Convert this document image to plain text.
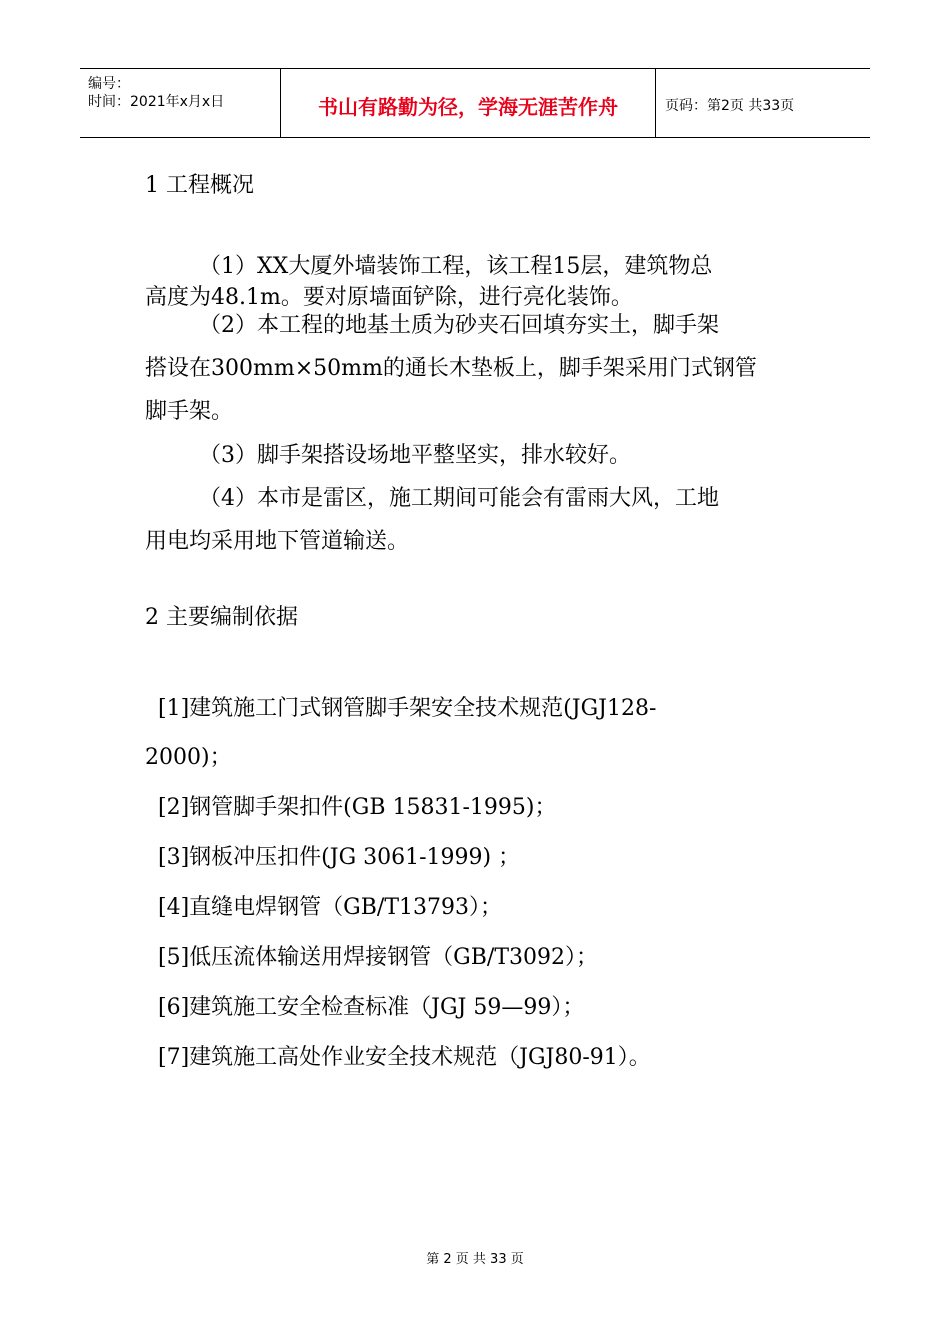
编号：
时间：2021年x月x日	书山有路勤为径，学海无涯苦作舟	页码：第2页 共33页
1 工程概况
（1）XX大厦外墙装饰工程，该工程15层，建筑物总
高度为48.1m。要对原墙面铲除，进行亮化装饰。
（2）本工程的地基土质为砂夹石回填夯实土，脚手架
搭设在300mm×50mm的通长木垫板上，脚手架采用门式钢管
脚手架。
（3）脚手架搭设场地平整坚实，排水较好。
（4）本市是雷区，施工期间可能会有雷雨大风，工地
用电均采用地下管道输送。
2 主要编制依据
[1]建筑施工门式钢管脚手架安全技术规范(JGJ128-
2000)；
[2]钢管脚手架扣件(GB 15831-1995)；
[3]钢板冲压扣件(JG 3061-1999) ；
[4]直缝电焊钢管（GB/T13793）；
[5]低压流体输送用焊接钢管（GB/T3092）；
[6]建筑施工安全检查标准（JGJ 59—99）；
[7]建筑施工高处作业安全技术规范（JGJ80-91）。
第 2 页 共 33 页
